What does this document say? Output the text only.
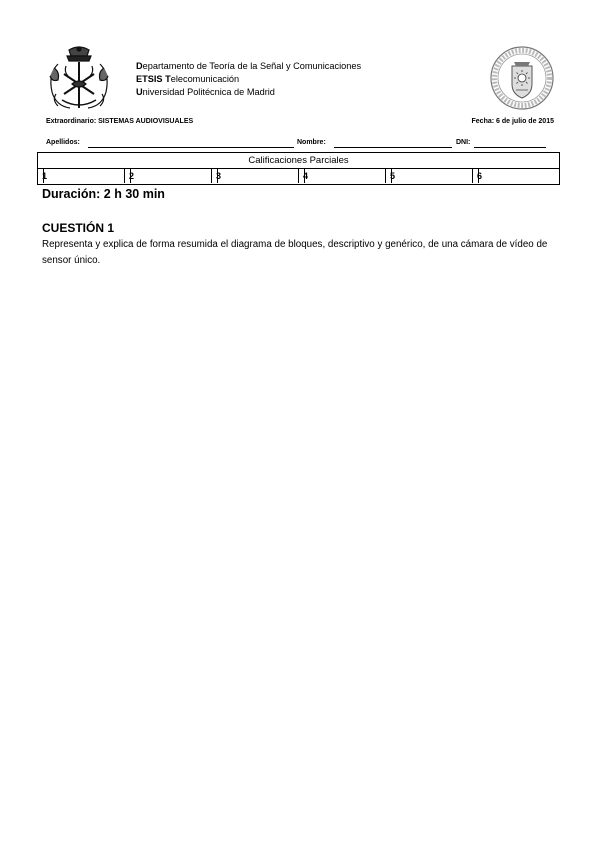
Departamento de Teoría de la Señal y Comunicaciones
ETSIS Telecomunicación
Universidad Politécnica de Madrid
Extraordinario: SISTEMAS AUDIOVISUALES	Fecha: 6 de julio de 2015
Apellidos:	Nombre:	DNI:
Calificaciones Parciales
1	2	3	4	5	6
Duración: 2 h 30 min
CUESTIÓN 1
Representa y explica de forma resumida el diagrama de bloques, descriptivo y genérico, de una cámara de vídeo de sensor único.
